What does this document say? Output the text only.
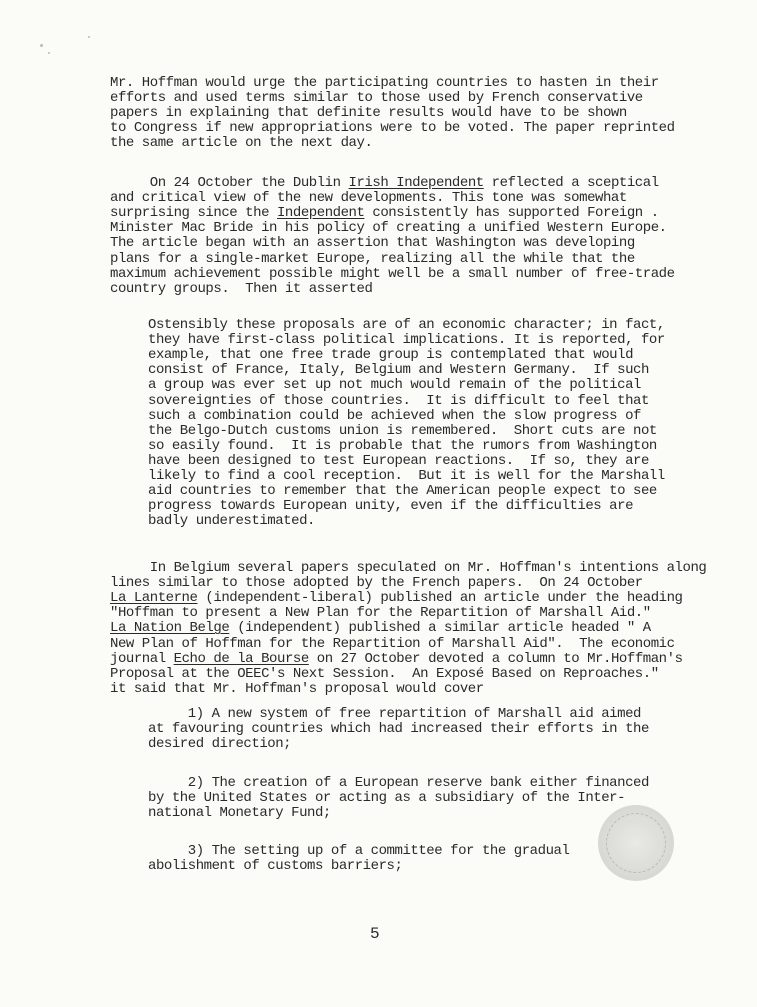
Mr. Hoffman would urge the participating countries to hasten in their
efforts and used terms similar to those used by French conservative
papers in explaining that definite results would have to be shown
to Congress if new appropriations were to be voted. The paper reprinted
the same article on the next day.
On 24 October the Dublin Irish Independent reflected a sceptical
and critical view of the new developments. This tone was somewhat
surprising since the Independent consistently has supported Foreign .
Minister Mac Bride in his policy of creating a unified Western Europe.
The article began with an assertion that Washington was developing
plans for a single-market Europe, realizing all the while that the
maximum achievement possible might well be a small number of free-trade
country groups.  Then it asserted
Ostensibly these proposals are of an economic character; in fact,
they have first-class political implications. It is reported, for
example, that one free trade group is contemplated that would
consist of France, Italy, Belgium and Western Germany.  If such
a group was ever set up not much would remain of the political
sovereignties of those countries.  It is difficult to feel that
such a combination could be achieved when the slow progress of
the Belgo-Dutch customs union is remembered.  Short cuts are not
so easily found.  It is probable that the rumors from Washington
have been designed to test European reactions.  If so, they are
likely to find a cool reception.  But it is well for the Marshall
aid countries to remember that the American people expect to see
progress towards European unity, even if the difficulties are
badly underestimated.
In Belgium several papers speculated on Mr. Hoffman's intentions along
lines similar to those adopted by the French papers.  On 24 October
La Lanterne (independent-liberal) published an article under the heading
"Hoffman to present a New Plan for the Repartition of Marshall Aid."
La Nation Belge (independent) published a similar article headed " A
New Plan of Hoffman for the Repartition of Marshall Aid".  The economic
journal Echo de la Bourse on 27 October devoted a column to Mr.Hoffman's
Proposal at the OEEC's Next Session.  An Exposé Based on Reproaches."
it said that Mr. Hoffman's proposal would cover
1) A new system of free repartition of Marshall aid aimed
at favouring countries which had increased their efforts in the
desired direction;
2) The creation of a European reserve bank either financed
by the United States or acting as a subsidiary of the Inter-
national Monetary Fund;
3) The setting up of a committee for the gradual
abolishment of customs barriers;
5
